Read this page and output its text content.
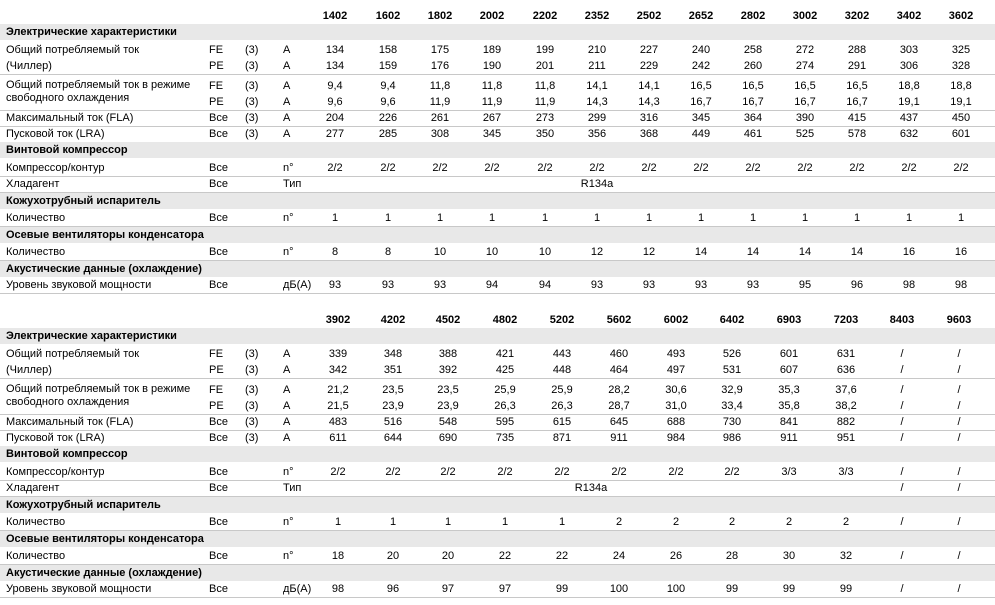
1402	1602	1802	2002	2202	2352	2502	2652	2802	3002	3202	3402	3602
Электрические характеристики
Общий потребляемый ток	FE (3) A	134	158	175	189	199	210	227	240	258	272	288	303	325
(Чиллер)	PE (3) A	134	159	176	190	201	211	229	242	260	274	291	306	328
Общий потребляемый ток в режиме свободного охлаждения
FE (3) A	9,4	9,4	11,8	11,8	11,8	14,1	14,1	16,5	16,5	16,5	16,5	18,8	18,8
PE (3) A	9,6	9,6	11,9	11,9	11,9	14,3	14,3	16,7	16,7	16,7	16,7	19,1	19,1
Максимальный ток (FLA)	Все (3) A	204	226	261	267	273	299	316	345	364	390	415	437	450
Пусковой ток (LRA)	Все (3) A	277	285	308	345	350	356	368	449	461	525	578	632	601
Винтовой компрессор
Компрессор/контур	Все	n°	2/2	2/2	2/2	2/2	2/2	2/2	2/2	2/2	2/2	2/2	2/2	2/2	2/2
Хладагент	Все	Тип	R134a
Кожухотрубный испаритель
Количество	Все	n°	1	1	1	1	1	1	1	1	1	1	1	1	1
Осевые вентиляторы конденсатора
Количество	Все	n°	8	8	10	10	10	12	12	14	14	14	14	16	16
Акустические данные (охлаждение)
Уровень звуковой мощности	Все	дБ(А)	93	93	93	94	94	93	93	93	93	95	96	98	98
3902	4202	4502	4802	5202	5602	6002	6402	6903	7203	8403	9603
Электрические характеристики
Общий потребляемый ток	FE (3) A	339	348	388	421	443	460	493	526	601	631	/	/
(Чиллер)	PE (3) A	342	351	392	425	448	464	497	531	607	636	/	/
Общий потребляемый ток в режиме свободного охлаждения
FE (3) A	21,2	23,5	23,5	25,9	25,9	28,2	30,6	32,9	35,3	37,6	/	/
PE (3) A	21,5	23,9	23,9	26,3	26,3	28,7	31,0	33,4	35,8	38,2	/	/
Максимальный ток (FLA)	Все (3) A	483	516	548	595	615	645	688	730	841	882	/	/
Пусковой ток (LRA)	Все (3) A	611	644	690	735	871	911	984	986	911	951	/	/
Винтовой компрессор
Компрессор/контур	Все	n°	2/2	2/2	2/2	2/2	2/2	2/2	2/2	2/2	3/3	3/3	/	/
Хладагент	Все	Тип	R134a	/	/
Кожухотрубный испаритель
Количество	Все	n°	1	1	1	1	1	2	2	2	2	2	/	/
Осевые вентиляторы конденсатора
Количество	Все	n°	18	20	20	22	22	24	26	28	30	32	/	/
Акустические данные (охлаждение)
Уровень звуковой мощности	Все	дБ(А)	98	96	97	97	99	100	100	99	99	99	/	/
